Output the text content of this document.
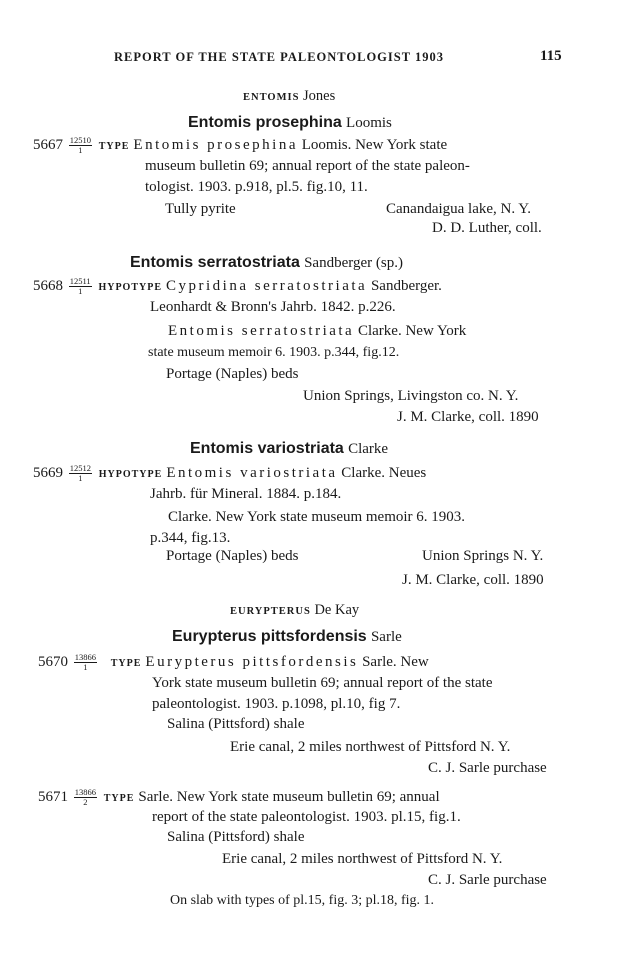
REPORT OF THE STATE PALEONTOLOGIST 1903	115
ENTOMIS Jones
Entomis prosephina Loomis
$5667 \frac{12510}{1}$ TYPE Entomis prosephina Loomis. New York state
museum bulletin 69; annual report of the state paleon-
tologist. 1903. p.918, pl.5. fig.10, 11.
Tully pyrite	Canandaigua lake, N. Y.
D. D. Luther, coll.
Entomis serratostriata Sandberger (sp.)
$5668 \frac{12511}{1}$ HYPOTYPE Cypridina serratostriata Sandberger.
Leonhardt & Bronn's Jahrb. 1842. p.226.
Entomis serratostriata Clarke. New York
state museum memoir 6. 1903. p.344, fig.12.
Portage (Naples) beds
Union Springs, Livingston co. N. Y.
J. M. Clarke, coll. 1890
Entomis variostriata Clarke
$5669 \frac{12512}{1}$ HYPOTYPE Entomis variostriata Clarke. Neues
Jahrb. für Mineral. 1884. p.184.
Clarke. New York state museum memoir 6. 1903.
p.344, fig.13.
Portage (Naples) beds	Union Springs N. Y.
J. M. Clarke, coll. 1890
EURYPTERUS De Kay
Eurypterus pittsfordensis Sarle
$5670 \frac{13866}{1}$ TYPE Eurypterus pittsfordensis Sarle. New
York state museum bulletin 69; annual report of the state
paleontologist. 1903. p.1098, pl.10, fig 7.
Salina (Pittsford) shale
Erie canal, 2 miles northwest of Pittsford N. Y.
C. J. Sarle purchase
$5671 \frac{13866}{2}$ TYPE Sarle. New York state museum bulletin 69; annual
report of the state paleontologist. 1903. pl.15, fig.1.
Salina (Pittsford) shale
Erie canal, 2 miles northwest of Pittsford N. Y.
C. J. Sarle purchase
On slab with types of pl.15, fig. 3; pl.18, fig. 1.
